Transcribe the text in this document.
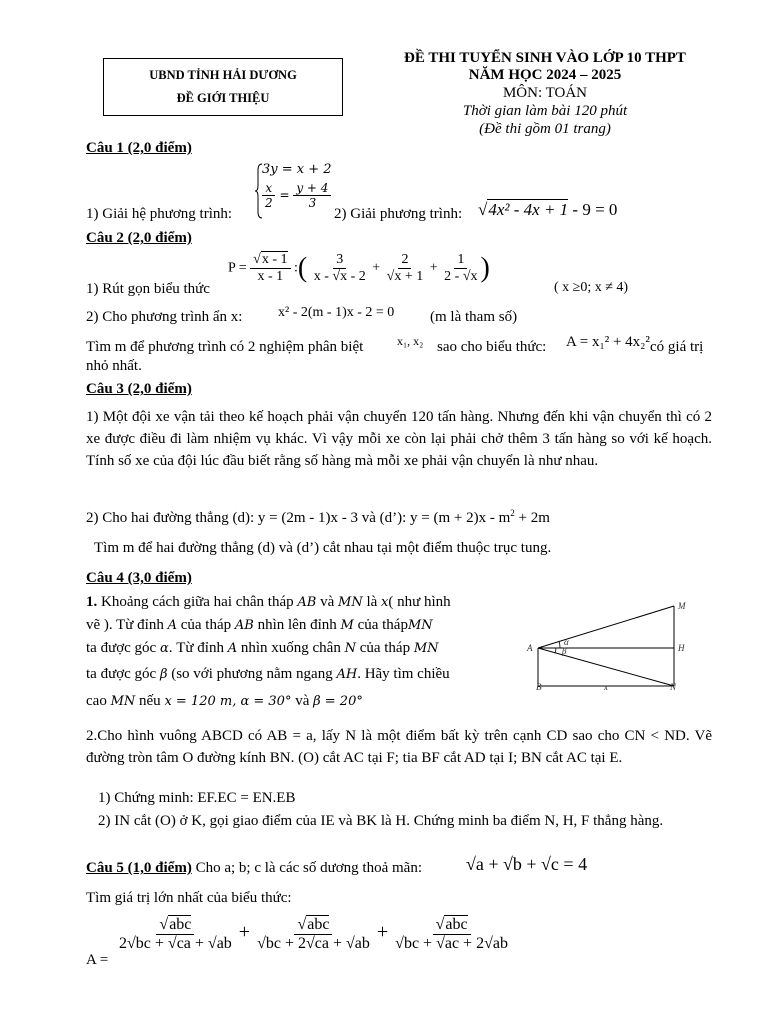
UBND TỈNH HẢI DƯƠNG
ĐỀ GIỚI THIỆU
ĐỀ THI TUYỂN SINH VÀO LỚP 10 THPT
NĂM HỌC 2024 – 2025
MÔN: TOÁN
Thời gian làm bài 120 phút
(Đề thi gồm 01 trang)
Câu 1 (2,0 điểm)
3y = x + 2
$\frac{x}{2} = \frac{y + 4}{3}$
1) Giải hệ phương trình:	2) Giải phương trình: √4x² - 4x + 1 - 9 = 0
Câu 2 (2,0 điểm)
$P = \frac{√x - 1}{x - 1}$ :( $\frac{3}{x - √x - 2} + \frac{2}{√x + 1} + \frac{1}{2 - √x}$ )
1) Rút gọn biểu thức	( x ≥0; x ≠ 4)
2) Cho phương trình ẩn x:	x² - 2(m - 1)x - 2 = 0 (m là tham số)
Tìm m để phương trình có 2 nghiệm phân biệt	x₁, x₂ sao cho biểu thức: A = x₁² + 4x₂² có giá trị
nhỏ nhất.
Câu 3 (2,0 điểm)
1) Một đội xe vận tải theo kế hoạch phải vận chuyển 120 tấn hàng. Nhưng đến khi vận chuyển thì có 2 xe được điều đi làm nhiệm vụ khác. Vì vậy mỗi xe còn lại phải chở thêm 3 tấn hàng so với kế hoạch. Tính số xe của đội lúc đầu biết rằng số hàng mà mỗi xe phải vận chuyển là như nhau.
2) Cho hai đường thẳng (d): y = (2m - 1)x - 3 và (d’): $y = (m + 2)x - m^2 + 2m$
Tìm m để hai đường thẳng (d) và (d’) cắt nhau tại một điểm thuộc trục tung.
Câu 4 (3,0 điểm)
1. Khoảng cách giữa hai chân tháp AB và MN là x( như hình
vẽ ). Từ đỉnh A của tháp AB nhìn lên đỉnh M của thápMN
ta được góc α. Từ đỉnh A nhìn xuống chân N của tháp MN
ta được góc β (so với phương nằm ngang AH. Hãy tìm chiều
cao MN nếu x = 120 m, α = 30° và β = 20°
M
H
A
B	N
x
α
β
2.Cho hình vuông ABCD có AB = a, lấy N là một điểm bất kỳ trên cạnh CD sao cho CN < ND. Vẽ đường tròn tâm O đường kính BN. (O) cắt AC tại F; tia BF cắt AD tại I; BN cắt AC tại E.
1) Chứng minh: EF.EC = EN.EB
2) IN cắt (O) ở K, gọi giao điểm của IE và BK là H. Chứng minh ba điểm N, H, F thẳng hàng.
Câu 5 (1,0 điểm) Cho a; b; c là các số dương thoả mãn: √a + √b + √c = 4
Tìm giá trị lớn nhất của biểu thức:
A =
$\frac{\text{√abc}}{2√bc + √ca + √ab} + \frac{\text{√abc}}{√bc + 2√ca + √ab} + \frac{\text{√abc}}{√bc + √ac + 2√ab}$
